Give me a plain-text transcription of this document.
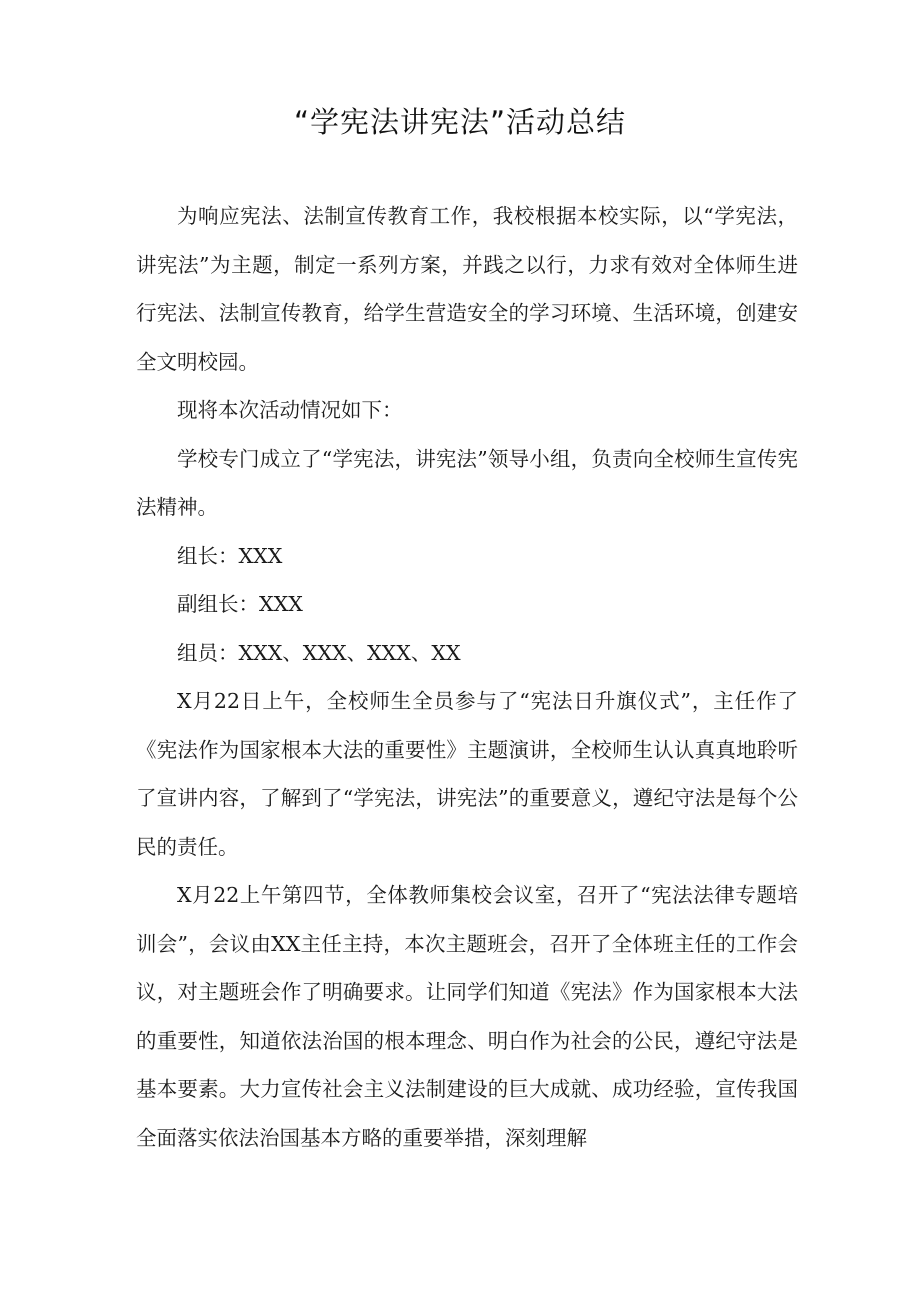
“学宪法讲宪法”活动总结

为响应宪法、法制宣传教育工作，我校根据本校实际，以“学宪法，讲宪法”为主题，制定一系列方案，并践之以行，力求有效对全体师生进行宪法、法制宣传教育，给学生营造安全的学习环境、生活环境，创建安全文明校园。

现将本次活动情况如下：

学校专门成立了“学宪法，讲宪法”领导小组，负责向全校师生宣传宪法精神。

组长：XXX

副组长：XXX

组员：XXX、XXX、XXX、XX

X月22日上午，全校师生全员参与了“宪法日升旗仪式”，主任作了《宪法作为国家根本大法的重要性》主题演讲，全校师生认认真真地聆听了宣讲内容，了解到了“学宪法，讲宪法”的重要意义，遵纪守法是每个公民的责任。

X月22上午第四节，全体教师集校会议室，召开了“宪法法律专题培训会”，会议由XX主任主持，本次主题班会，召开了全体班主任的工作会议，对主题班会作了明确要求。让同学们知道《宪法》作为国家根本大法的重要性，知道依法治国的根本理念、明白作为社会的公民，遵纪守法是基本要素。大力宣传社会主义法制建设的巨大成就、成功经验，宣传我国全面落实依法治国基本方略的重要举措，深刻理解
